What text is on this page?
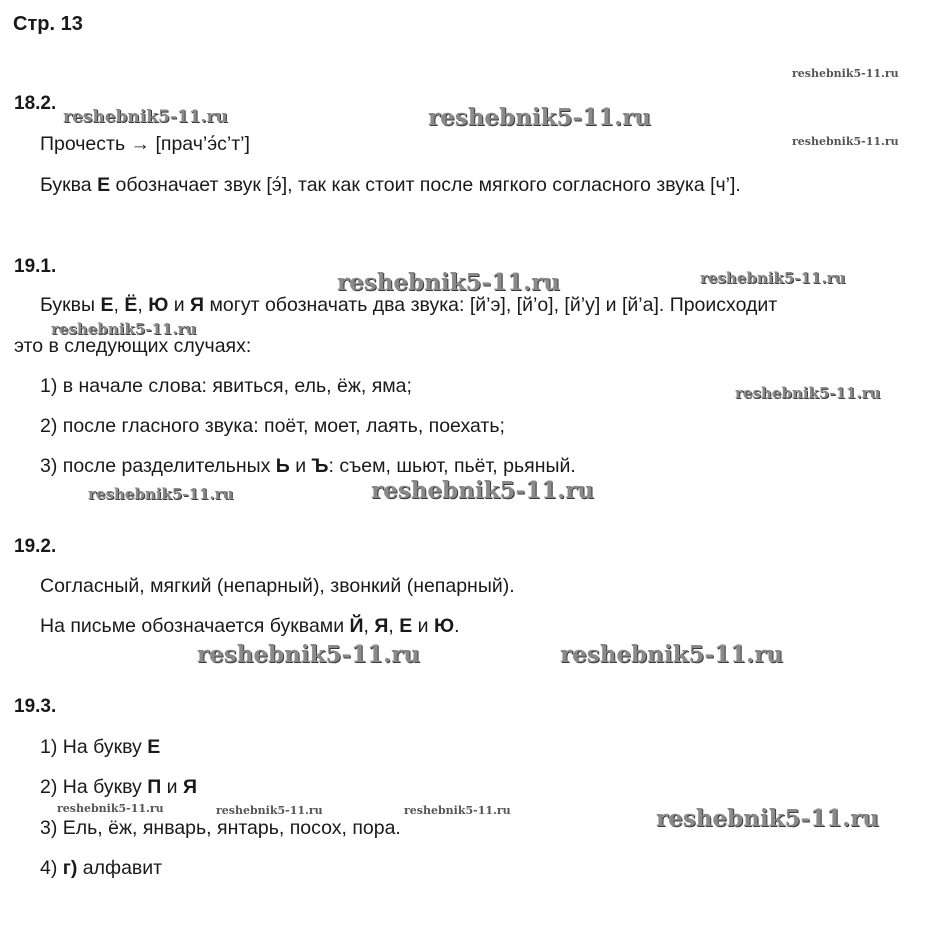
Стр. 13
18.2.
Прочесть → [прач’э́с’т’]
Буква Е обозначает звук [э́], так как стоит после мягкого согласного звука [ч’].
19.1.
Буквы Е, Ё, Ю и Я могут обозначать два звука: [й’э], [й’о], [й’у] и [й’а]. Происходит
это в следующих случаях:
1) в начале слова: явиться, ель, ёж, яма;
2) после гласного звука: поёт, моет, лаять, поехать;
3) после разделительных Ь и Ъ: съем, шьют, пьёт, рьяный.
19.2.
Согласный, мягкий (непарный), звонкий (непарный).
На письме обозначается буквами Й, Я, Е и Ю.
19.3.
1) На букву Е
2) На букву П и Я
3) Ель, ёж, январь, янтарь, посох, пора.
4) г) алфавит
reshebnik5-11.ru
reshebnik5-11.ru	reshebnik5-11.ru
reshebnik5-11.ru
reshebnik5-11.ru	reshebnik5-11.ru
reshebnik5-11.ru
reshebnik5-11.ru
reshebnik5-11.ru	reshebnik5-11.ru
reshebnik5-11.ru	reshebnik5-11.ru
reshebnik5-11.ru	reshebnik5-11.ru	reshebnik5-11.ru	reshebnik5-11.ru
